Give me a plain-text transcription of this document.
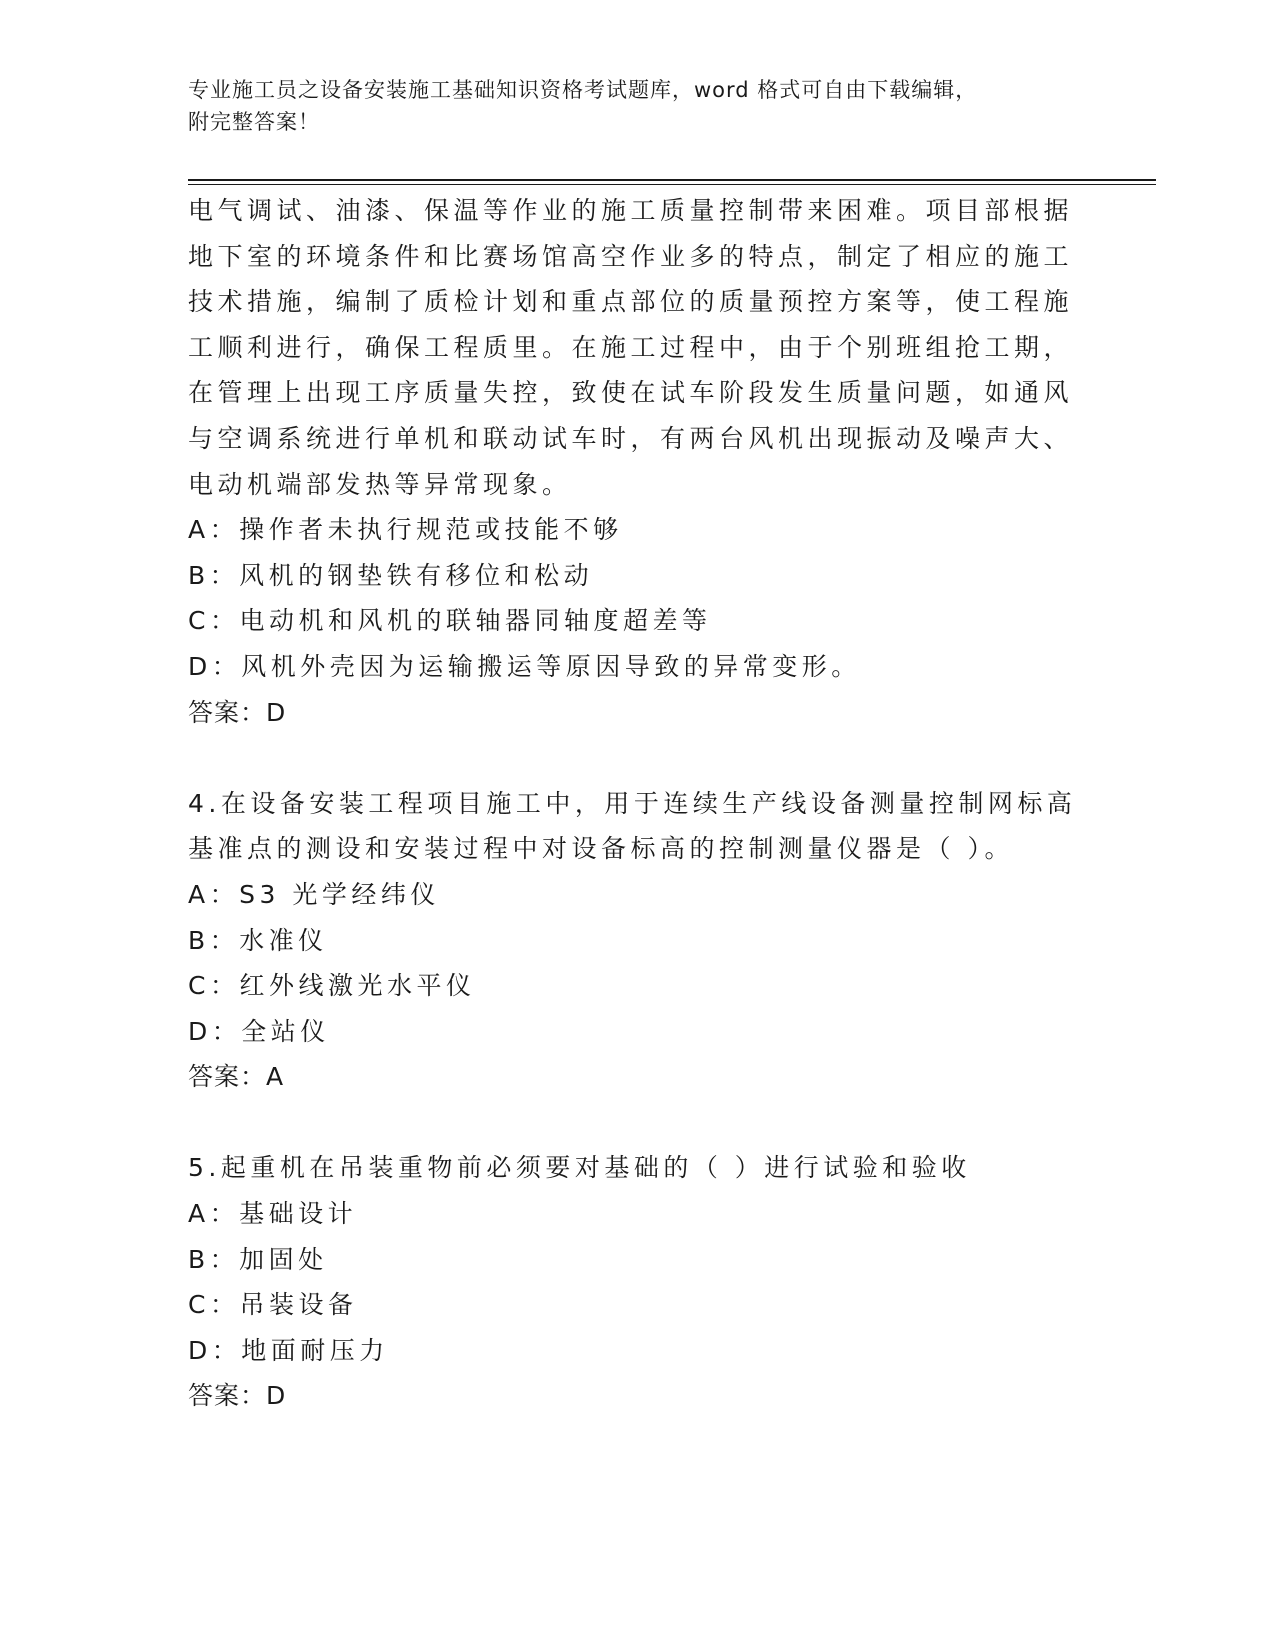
专业施工员之设备安装施工基础知识资格考试题库，word 格式可自由下载编辑，
附完整答案！
电气调试、油漆、保温等作业的施工质量控制带来困难。项目部根据
地下室的环境条件和比赛场馆高空作业多的特点，制定了相应的施工
技术措施，编制了质检计划和重点部位的质量预控方案等，使工程施
工顺利进行，确保工程质里。在施工过程中，由于个别班组抢工期，
在管理上出现工序质量失控，致使在试车阶段发生质量问题，如通风
与空调系统进行单机和联动试车时，有两台风机出现振动及噪声大、
电动机端部发热等异常现象。
A：操作者未执行规范或技能不够
B：风机的钢垫铁有移位和松动
C：电动机和风机的联轴器同轴度超差等
D：风机外壳因为运输搬运等原因导致的异常变形。
答案：D
4.在设备安装工程项目施工中，用于连续生产线设备测量控制网标高
基准点的测设和安装过程中对设备标高的控制测量仪器是（ ）。
A：S3 光学经纬仪
B：水准仪
C：红外线激光水平仪
D：全站仪
答案：A
5.起重机在吊装重物前必须要对基础的（ ）进行试验和验收
A：基础设计
B：加固处
C：吊装设备
D：地面耐压力
答案：D
